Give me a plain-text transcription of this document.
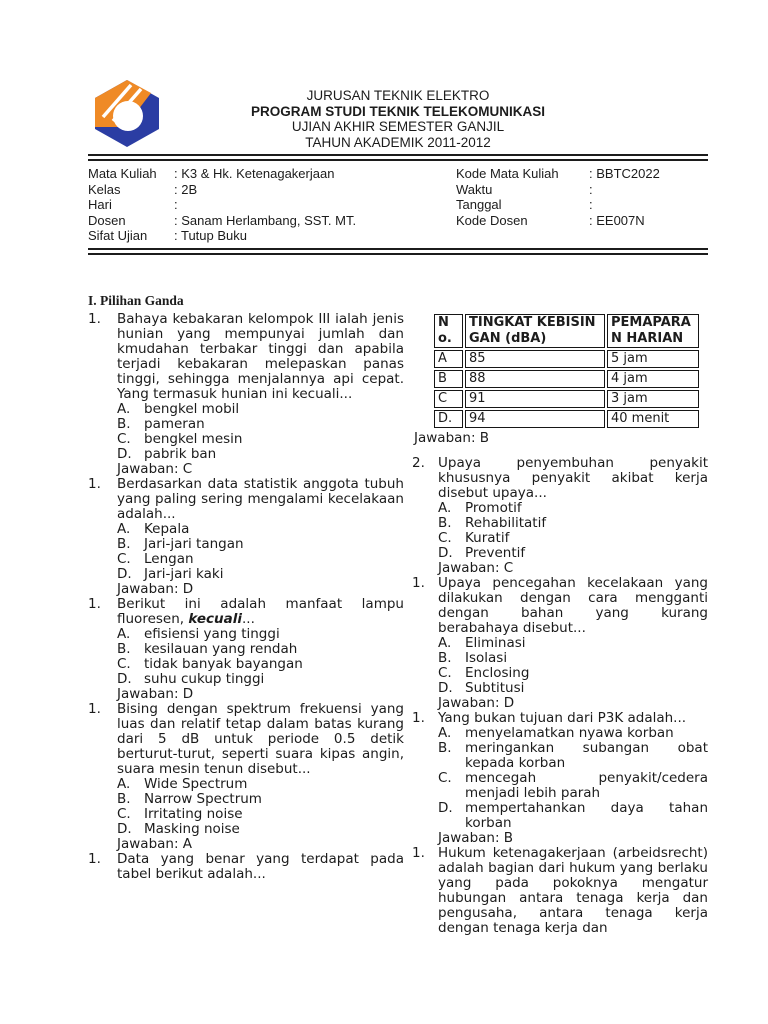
JURUSAN TEKNIK ELEKTRO
PROGRAM STUDI TEKNIK TELEKOMUNIKASI
UJIAN AKHIR SEMESTER GANJIL
TAHUN AKADEMIK 2011-2012
Mata Kuliah	: K3 & Hk. Ketenagakerjaan
Kelas	: 2B
Hari	:
Dosen	: Sanam Herlambang, SST. MT.
Sifat Ujian	: Tutup Buku
Kode Mata Kuliah	: BBTC2022
Waktu	:
Tanggal	:
Kode Dosen	: EE007N
I. Pilihan Ganda
1.	Bahaya kebakaran kelompok III ialah jenis hunian yang mempunyai jumlah dan kmudahan terbakar tinggi dan apabila terjadi kebakaran melepaskan panas tinggi, sehingga menjalannya api cepat. Yang termasuk hunian ini kecuali...
A.	bengkel mobil
B. pameran
C. bengkel mesin
D. pabrik ban
Jawaban: C
1.	Berdasarkan data statistik anggota tubuh yang paling sering mengalami kecelakaan adalah...
A.	Kepala
B. Jari-jari tangan
C. Lengan
D. Jari-jari kaki
Jawaban: D
1.	Berikut ini adalah manfaat lampu fluoresen, kecuali...
A.	efisiensi yang tinggi
B. kesilauan yang rendah
C. tidak banyak bayangan
D. suhu cukup tinggi
Jawaban: D
1.	Bising dengan spektrum frekuensi yang luas dan relatif tetap dalam batas kurang dari 5 dB untuk periode 0.5 detik berturut-turut, seperti suara kipas angin, suara mesin tenun disebut...
A.	Wide Spectrum
B. Narrow Spectrum
C. Irritating noise
D. Masking noise
Jawaban: A
1.	Data yang benar yang terdapat pada tabel berikut adalah...
No.	TINGKAT KEBISINGAN (dBA)	PEMAPARAN HARIAN
A	85	5 jam
B	88	4 jam
C	91	3 jam
D.	94	40 menit
Jawaban: B
2. Upaya penyembuhan penyakit khususnya penyakit akibat kerja disebut upaya...
A.	Promotif
B. Rehabilitatif
C. Kuratif
D. Preventif
Jawaban: C
1. Upaya pencegahan kecelakaan yang dilakukan dengan cara mengganti dengan bahan yang kurang berabahaya disebut...
A.	Eliminasi
B. Isolasi
C. Enclosing
D. Subtitusi
Jawaban: D
1. Yang bukan tujuan dari P3K adalah...
A.	menyelamatkan nyawa korban
B. meringankan subangan obat kepada korban
C. mencegah penyakit/cedera menjadi lebih parah
D. mempertahankan daya tahan korban
Jawaban: B
1. Hukum ketenagakerjaan (arbeidsrecht) adalah bagian dari hukum yang berlaku yang pada pokoknya mengatur hubungan antara tenaga kerja dan pengusaha, antara tenaga kerja dengan tenaga kerja dan
